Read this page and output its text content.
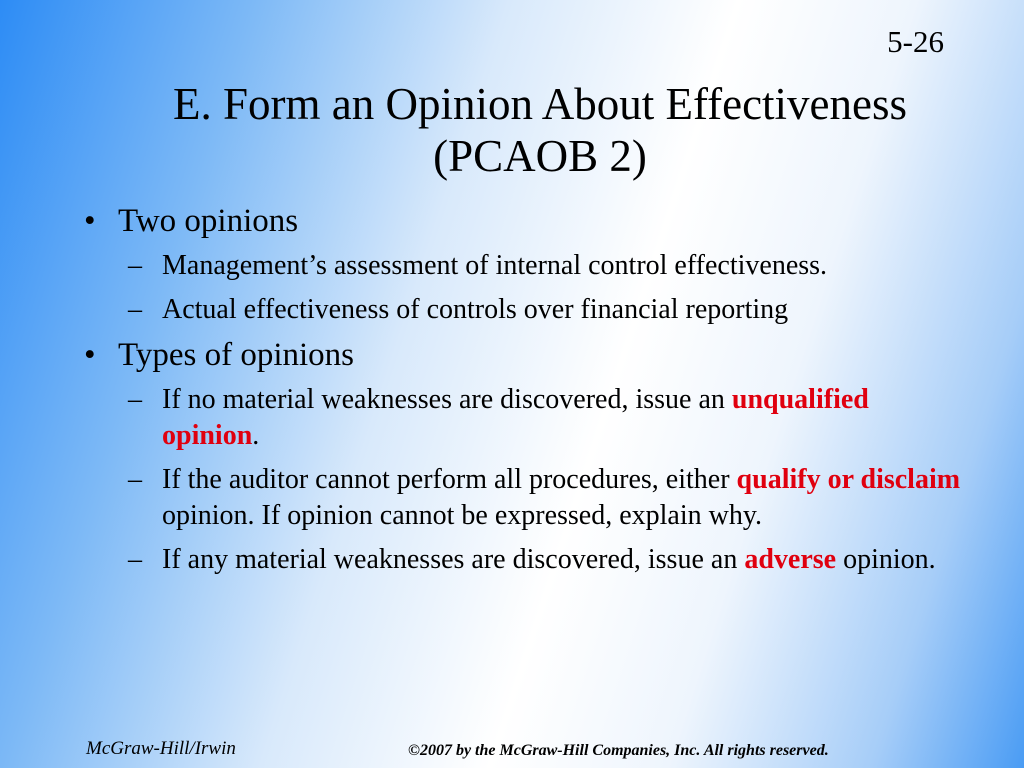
5-26
E. Form an Opinion About Effectiveness
(PCAOB 2)
• Two opinions
– Management’s assessment of internal control effectiveness.
– Actual effectiveness of controls over financial reporting
• Types of opinions
– If no material weaknesses are discovered, issue an unqualified opinion.
– If the auditor cannot perform all procedures, either qualify or disclaim opinion. If opinion cannot be expressed, explain why.
– If any material weaknesses are discovered, issue an adverse opinion.
McGraw-Hill/Irwin	©2007 by the McGraw-Hill Companies, Inc. All rights reserved.
